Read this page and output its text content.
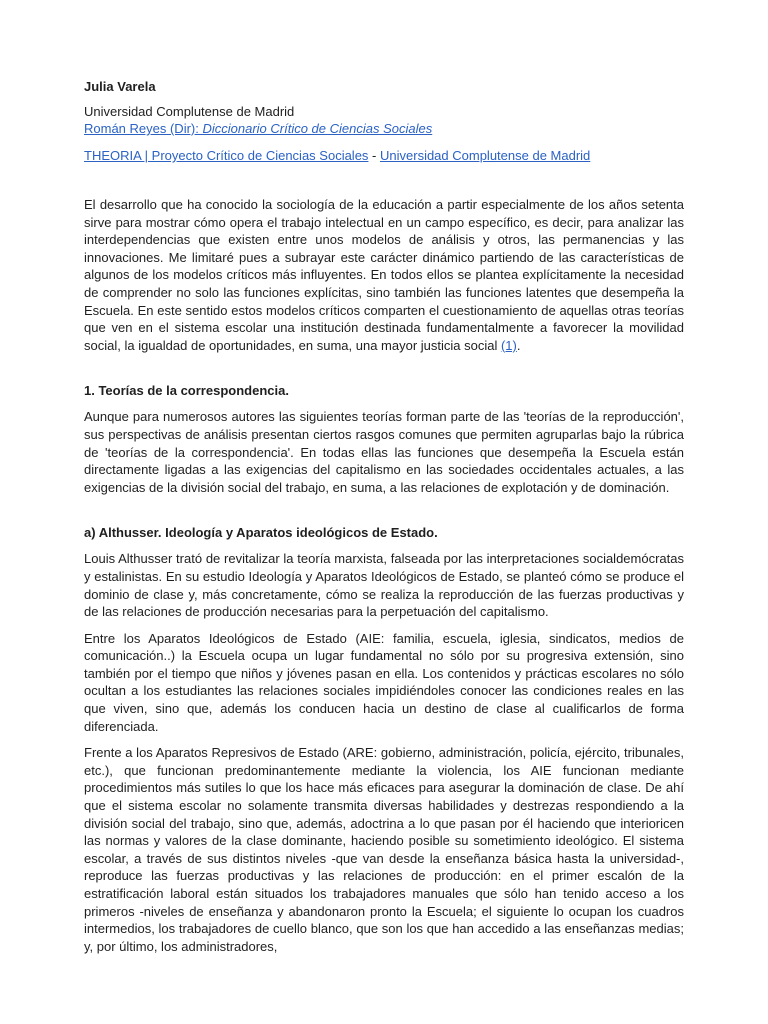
Julia Varela
Universidad Complutense de Madrid
Román Reyes (Dir): Diccionario Crítico de Ciencias Sociales
THEORIA | Proyecto Crítico de Ciencias Sociales - Universidad Complutense de Madrid

El desarrollo que ha conocido la sociología de la educación a partir especialmente de los años setenta sirve para mostrar cómo opera el trabajo intelectual en un campo específico, es decir, para analizar las interdependencias que existen entre unos modelos de análisis y otros, las permanencias y las innovaciones. Me limitaré pues a subrayar este carácter dinámico partiendo de las características de algunos de los modelos críticos más influyentes. En todos ellos se plantea explícitamente la necesidad de comprender no solo las funciones explícitas, sino también las funciones latentes que desempeña la Escuela. En este sentido estos modelos críticos comparten el cuestionamiento de aquellas otras teorías que ven en el sistema escolar una institución destinada fundamentalmente a favorecer la movilidad social, la igualdad de oportunidades, en suma, una mayor justicia social (1).

1. Teorías de la correspondencia.

Aunque para numerosos autores las siguientes teorías forman parte de las 'teorías de la reproducción', sus perspectivas de análisis presentan ciertos rasgos comunes que permiten agruparlas bajo la rúbrica de 'teorías de la correspondencia'. En todas ellas las funciones que desempeña la Escuela están directamente ligadas a las exigencias del capitalismo en las sociedades occidentales actuales, a las exigencias de la división social del trabajo, en suma, a las relaciones de explotación y de dominación.

a) Althusser. Ideología y Aparatos ideológicos de Estado.

Louis Althusser trató de revitalizar la teoría marxista, falseada por las interpretaciones socialdemócratas y estalinistas. En su estudio Ideología y Aparatos Ideológicos de Estado, se planteó cómo se produce el dominio de clase y, más concretamente, cómo se realiza la reproducción de las fuerzas productivas y de las relaciones de producción necesarias para la perpetuación del capitalismo.

Entre los Aparatos Ideológicos de Estado (AIE: familia, escuela, iglesia, sindicatos, medios de comunicación..) la Escuela ocupa un lugar fundamental no sólo por su progresiva extensión, sino también por el tiempo que niños y jóvenes pasan en ella. Los contenidos y prácticas escolares no sólo ocultan a los estudiantes las relaciones sociales impidiéndoles conocer las condiciones reales en las que viven, sino que, además los conducen hacia un destino de clase al cualificarlos de forma diferenciada.

Frente a los Aparatos Represivos de Estado (ARE: gobierno, administración, policía, ejército, tribunales, etc.), que funcionan predominantemente mediante la violencia, los AIE funcionan mediante procedimientos más sutiles lo que los hace más eficaces para asegurar la dominación de clase. De ahí que el sistema escolar no solamente transmita diversas habilidades y destrezas respondiendo a la división social del trabajo, sino que, además, adoctrina a lo que pasan por él haciendo que interioricen las normas y valores de la clase dominante, haciendo posible su sometimiento ideológico. El sistema escolar, a través de sus distintos niveles -que van desde la enseñanza básica hasta la universidad-, reproduce las fuerzas productivas y las relaciones de producción: en el primer escalón de la estratificación laboral están situados los trabajadores manuales que sólo han tenido acceso a los primeros -niveles de enseñanza y abandonaron pronto la Escuela; el siguiente lo ocupan los cuadros intermedios, los trabajadores de cuello blanco, que son los que han accedido a las enseñanzas medias; y, por último, los administradores,
